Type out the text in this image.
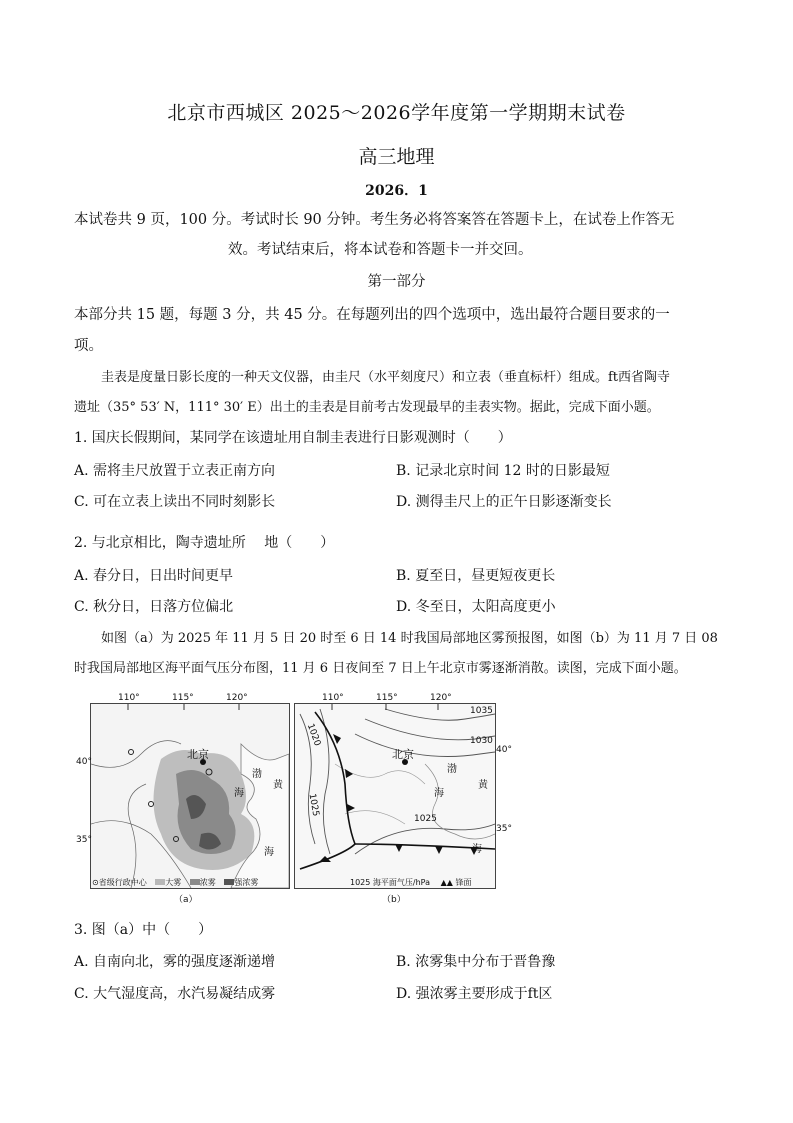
北京市西城区 2025～2026学年度第一学期期末试卷
高三地理
2026．1
本试卷共 9 页，100 分。考试时长 90 分钟。考生务必将答案答在答题卡上，在试卷上作答无
效。考试结束后，将本试卷和答题卡一并交回。
第一部分
本部分共 15 题，每题 3 分，共 45 分。在每题列出的四个选项中，选出最符合题目要求的一
项。
圭表是度量日影长度的一种天文仪器，由圭尺（水平刻度尺）和立表（垂直标杆）组成。ft西省陶寺
遗址（35° 53′ N，111° 30′ E）出土的圭表是目前考古发现最早的圭表实物。据此，完成下面小题。
1. 国庆长假期间，某同学在该遗址用自制圭表进行日影观测时（　　）
A. 需将圭尺放置于立表正南方向	B. 记录北京时间 12 时的日影最短
C. 可在立表上读出不同时刻影长	D. 测得圭尺上的正午日影逐渐变长
2. 与北京相比，陶寺遗址所　 地（　　）
A. 春分日，日出时间更早	B. 夏至日，昼更短夜更长
C. 秋分日，日落方位偏北	D. 冬至日，太阳高度更小
如图（a）为 2025 年 11 月 5 日 20 时至 6 日 14 时我国局部地区雾预报图，如图（b）为 11 月 7 日 08
时我国局部地区海平面气压分布图，11 月 6 日夜间至 7 日上午北京市雾逐渐消散。读图，完成下面小题。
110°	115°	120°
40°
35°
北京
渤
海
黄
海
⊙省级行政中心 大雾 浓雾 强浓雾
（a）
110°	115°	120°
40°
35°
北京
渤
海
黄
海
1020
1025
1025
1030
1035
1025 海平面气压/hPa ▲▲ 锋面
（b）
3. 图（a）中（　　）
A. 自南向北，雾的强度逐渐递增	B. 浓雾集中分布于晋鲁豫
C. 大气湿度高，水汽易凝结成雾	D. 强浓雾主要形成于ft区
